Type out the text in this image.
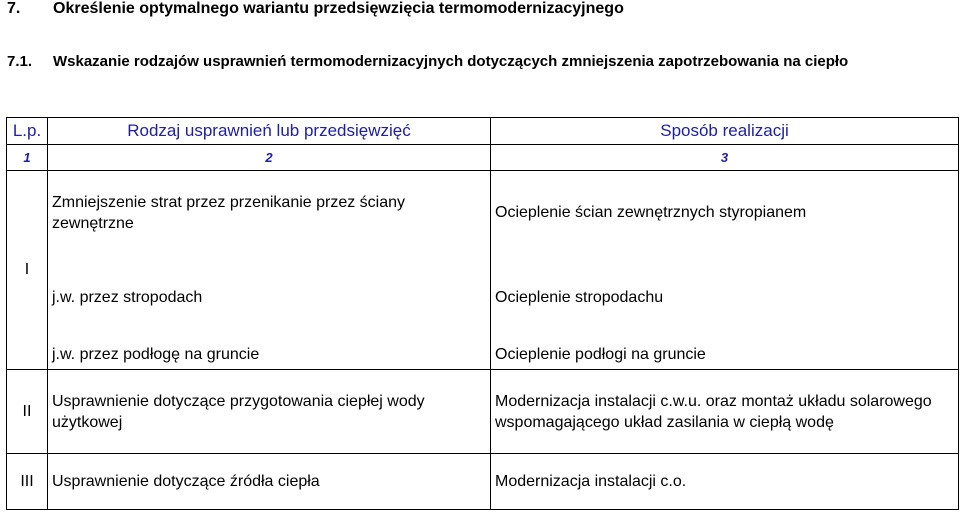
7. Określenie optymalnego wariantu przedsięwzięcia termomodernizacyjnego
7.1. Wskazanie rodzajów usprawnień termomodernizacyjnych dotyczących zmniejszenia zapotrzebowania na ciepło
L.p.	Rodzaj usprawnień lub przedsięwzięć	Sposób realizacji
1	2	3
I	Zmniejszenie strat przez przenikanie przez ściany zewnętrzne	Ocieplenie ścian zewnętrznych styropianem
	j.w. przez stropodach	Ocieplenie stropodachu
	j.w. przez podłogę na gruncie	Ocieplenie podłogi na gruncie
II	Usprawnienie dotyczące przygotowania ciepłej wody użytkowej	Modernizacja instalacji c.w.u. oraz montaż układu solarowego wspomagającego układ zasilania w ciepłą wodę
III	Usprawnienie dotyczące źródła ciepła	Modernizacja instalacji c.o.
